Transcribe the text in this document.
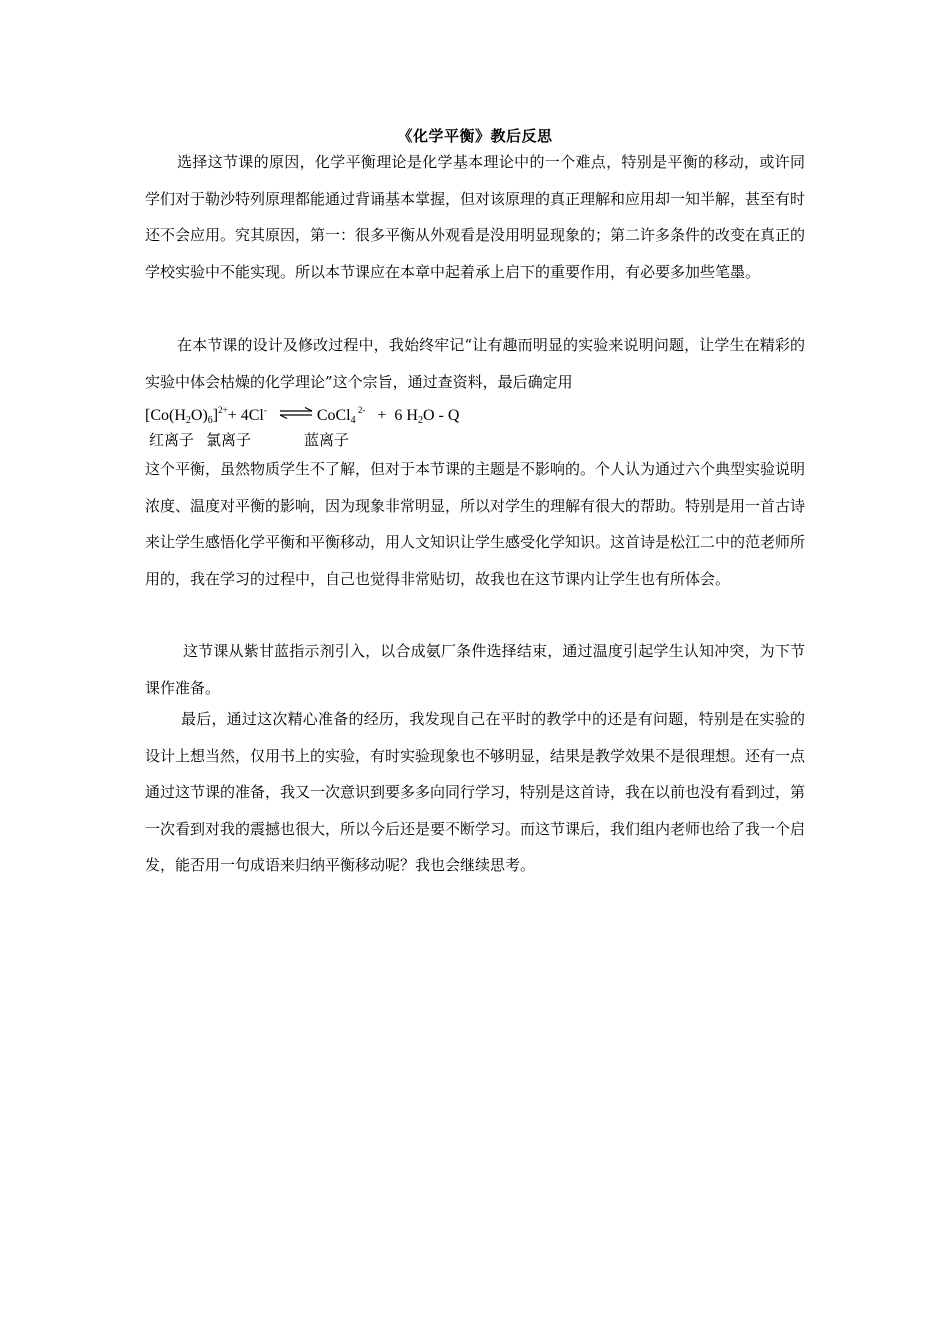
《化学平衡》教后反思

选择这节课的原因，化学平衡理论是化学基本理论中的一个难点，特别是平衡的移动，或许同学们对于勒沙特列原理都能通过背诵基本掌握，但对该原理的真正理解和应用却一知半解，甚至有时还不会应用。究其原因，第一：很多平衡从外观看是没用明显现象的；第二许多条件的改变在真正的学校实验中不能实现。所以本节课应在本章中起着承上启下的重要作用，有必要多加些笔墨。

在本节课的设计及修改过程中，我始终牢记“让有趣而明显的实验来说明问题，让学生在精彩的实验中体会枯燥的化学理论”这个宗旨，通过查资料，最后确定用

$[Co(H_2O)_6]^{2+}+ 4Cl^-$ ⇌ CoCl$_4$ $^{2-}$   +  6 $H_2O$ - Q
红离子 氯离子	蓝离子

这个平衡，虽然物质学生不了解，但对于本节课的主题是不影响的。个人认为通过六个典型实验说明浓度、温度对平衡的影响，因为现象非常明显，所以对学生的理解有很大的帮助。特别是用一首古诗来让学生感悟化学平衡和平衡移动，用人文知识让学生感受化学知识。这首诗是松江二中的范老师所用的，我在学习的过程中，自己也觉得非常贴切，故我也在这节课内让学生也有所体会。

这节课从紫甘蓝指示剂引入，以合成氨厂条件选择结束，通过温度引起学生认知冲突，为下节课作准备。

最后，通过这次精心准备的经历，我发现自己在平时的教学中的还是有问题，特别是在实验的设计上想当然，仅用书上的实验，有时实验现象也不够明显，结果是教学效果不是很理想。还有一点通过这节课的准备，我又一次意识到要多多向同行学习，特别是这首诗，我在以前也没有看到过，第一次看到对我的震撼也很大，所以今后还是要不断学习。而这节课后，我们组内老师也给了我一个启发，能否用一句成语来归纳平衡移动呢？我也会继续思考。
